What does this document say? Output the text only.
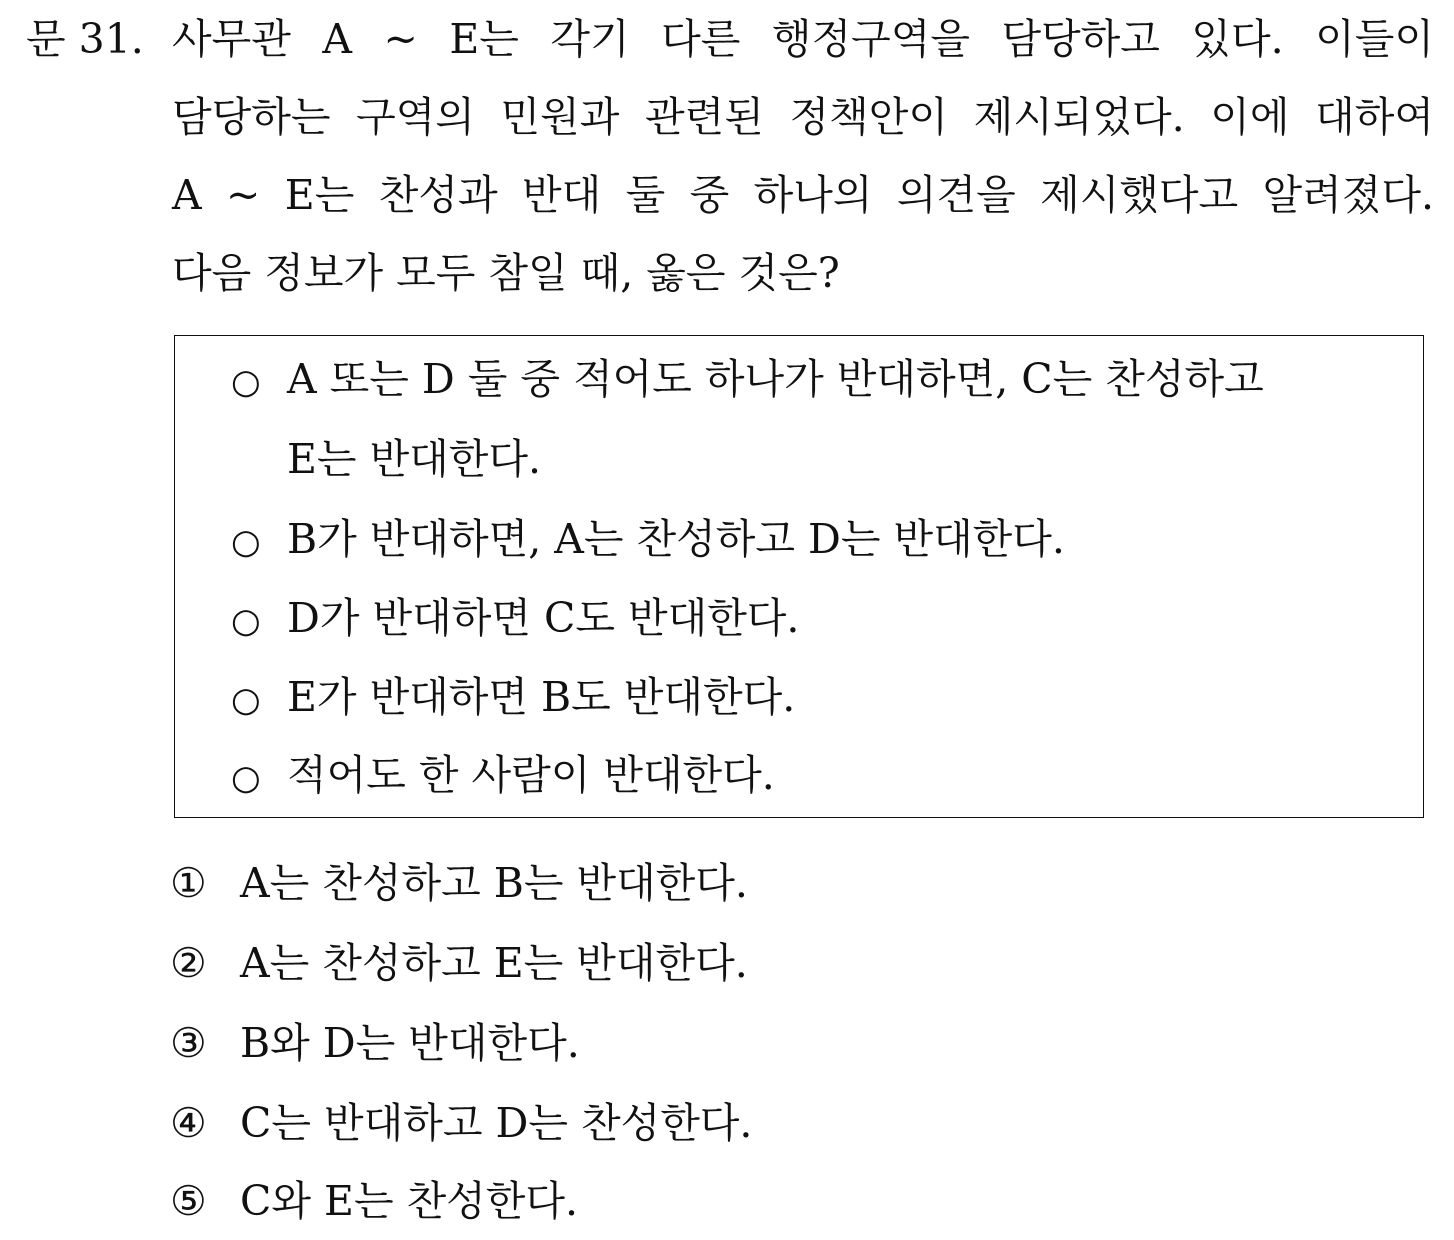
문 31. 사무관 A ~ E는 각기 다른 행정구역을 담당하고 있다. 이들이
담당하는 구역의 민원과 관련된 정책안이 제시되었다. 이에 대하여
A ~ E는 찬성과 반대 둘 중 하나의 의견을 제시했다고 알려졌다.
다음 정보가 모두 참일 때, 옳은 것은?
○ A 또는 D 둘 중 적어도 하나가 반대하면, C는 찬성하고
E는 반대한다.
○ B가 반대하면, A는 찬성하고 D는 반대한다.
○ D가 반대하면 C도 반대한다.
○ E가 반대하면 B도 반대한다.
○ 적어도 한 사람이 반대한다.
① A는 찬성하고 B는 반대한다.
② A는 찬성하고 E는 반대한다.
③ B와 D는 반대한다.
④ C는 반대하고 D는 찬성한다.
⑤ C와 E는 찬성한다.
